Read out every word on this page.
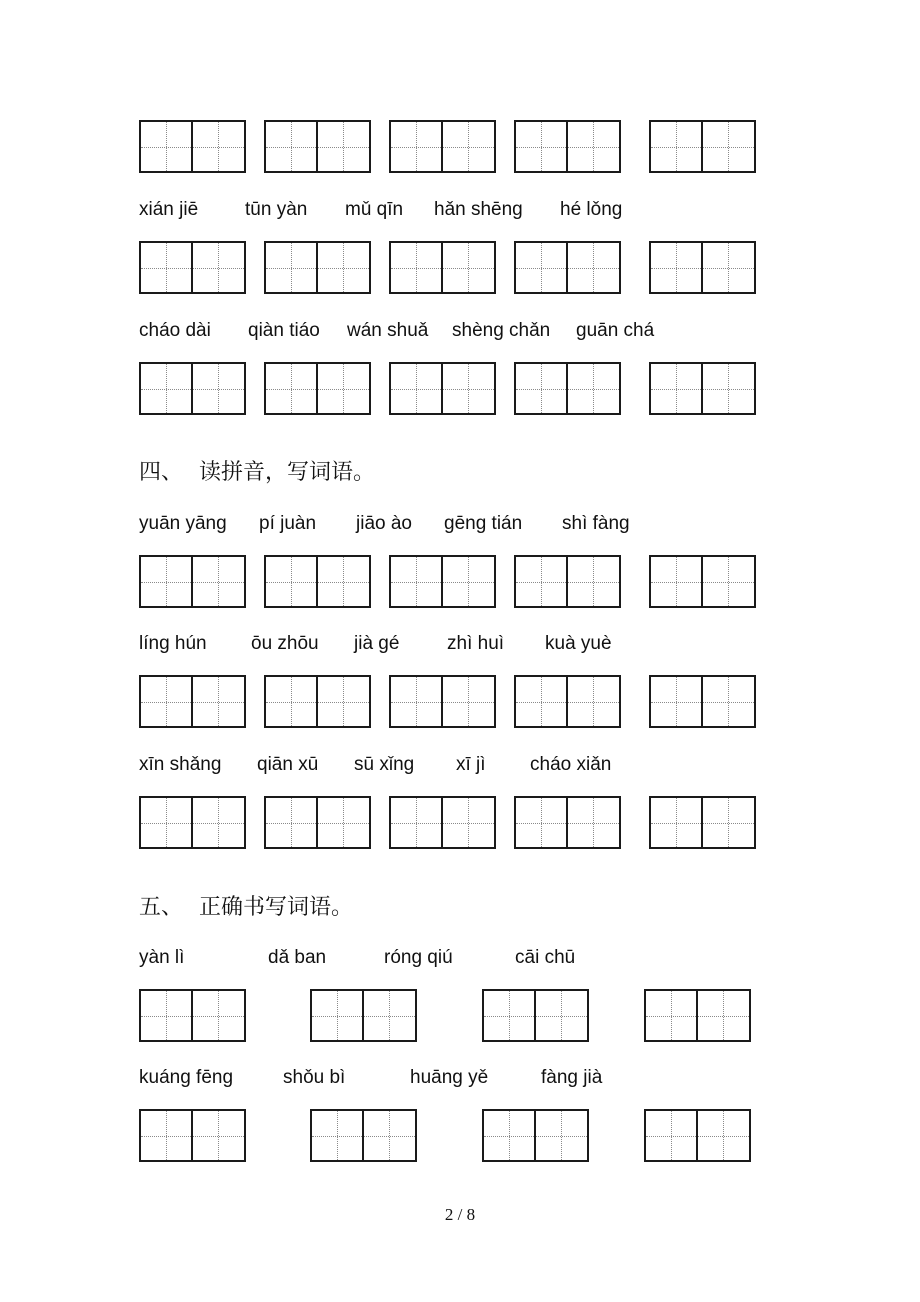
xián jiē tūn yàn mǔ qīn hǎn shēng hé lǒng
cháo dài qiàn tiáo wán shuǎ shèng chǎn guān chá
四、 读拼音，写词语。
yuān yāng pí juàn jiāo ào gēng tián shì fàng
líng hún ōu zhōu jià gé	zhì huì kuà yuè
xīn shǎng qiān xū sū xǐng xī jì cháo xiǎn
五、 正确书写词语。
yàn lì	dǎ ban	róng qiú	cāi chū
kuáng fēng	shǒu bì	huāng yě	fàng jià
2 / 8
